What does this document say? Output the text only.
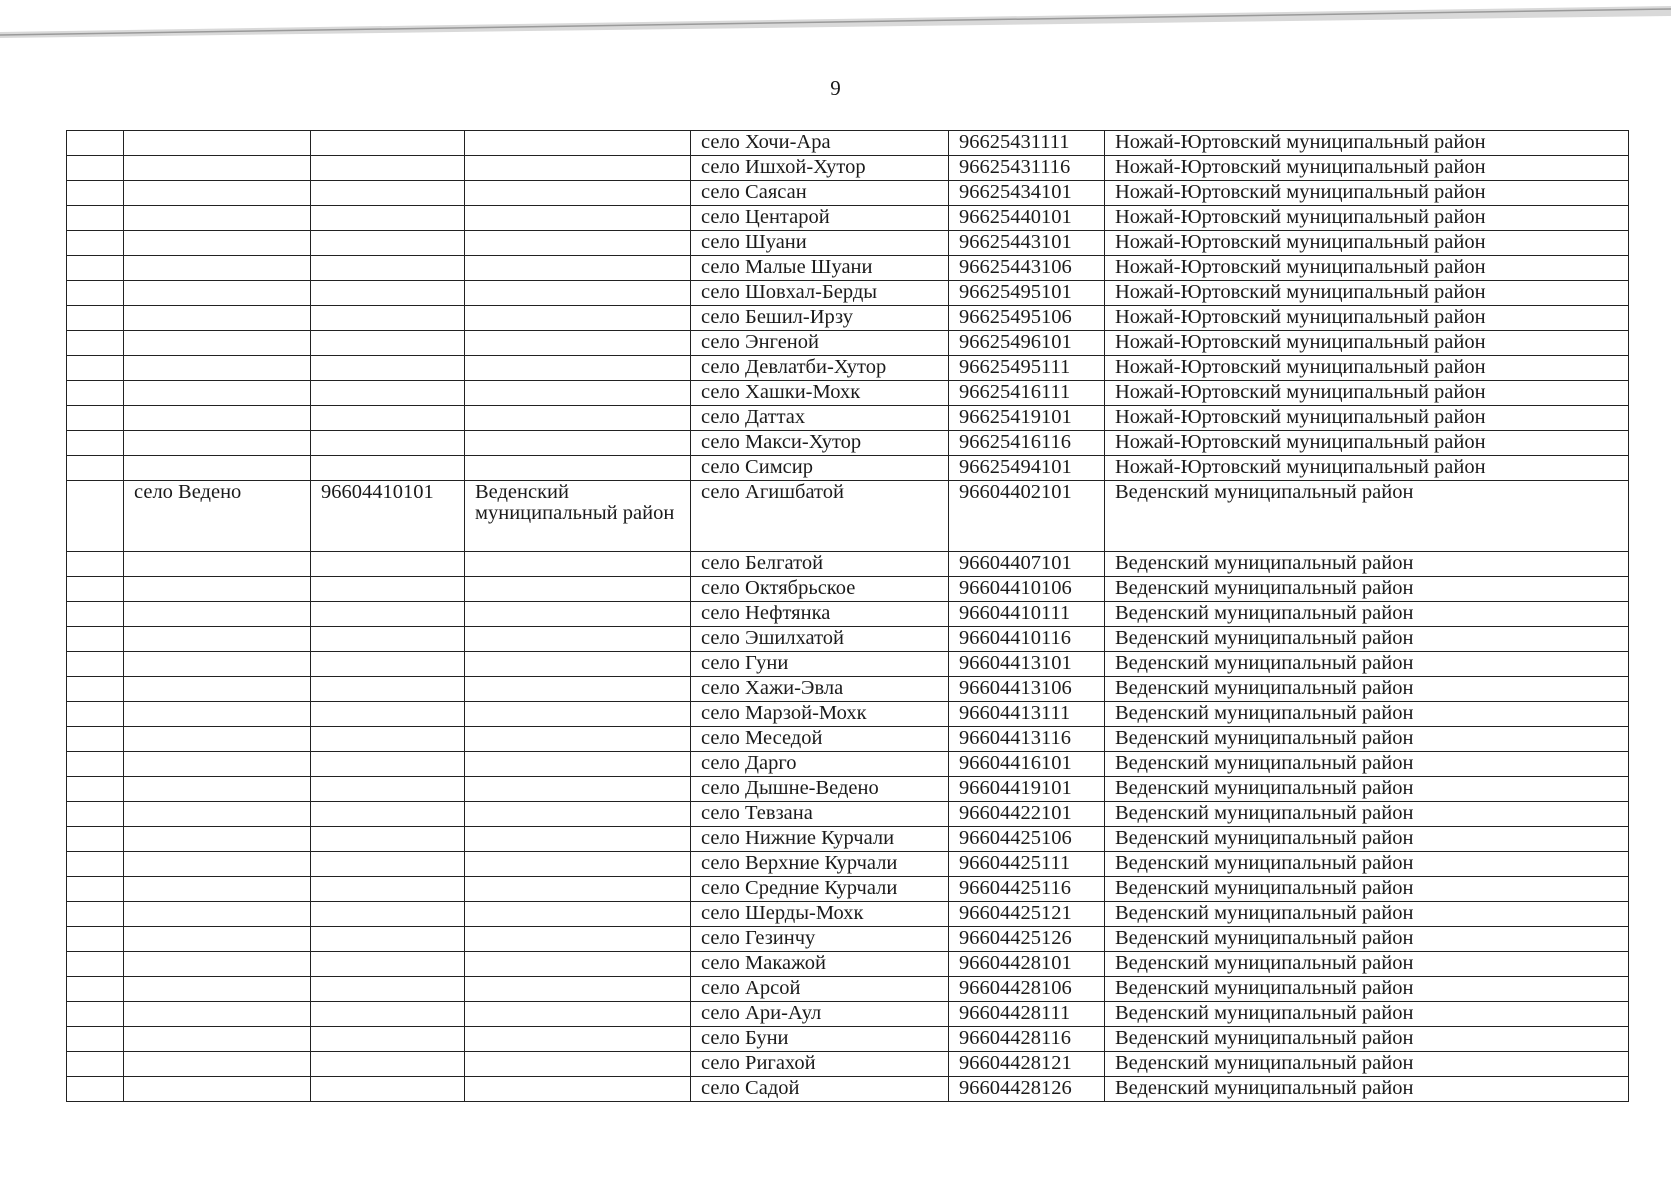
9
				село Хочи-Ара	96625431111	Ножай-Юртовский муниципальный район
				село Ишхой-Хутор	96625431116	Ножай-Юртовский муниципальный район
				село Саясан	96625434101	Ножай-Юртовский муниципальный район
				село Центарой	96625440101	Ножай-Юртовский муниципальный район
				село Шуани	96625443101	Ножай-Юртовский муниципальный район
				село Малые Шуани	96625443106	Ножай-Юртовский муниципальный район
				село Шовхал-Берды	96625495101	Ножай-Юртовский муниципальный район
				село Бешил-Ирзу	96625495106	Ножай-Юртовский муниципальный район
				село Энгеной	96625496101	Ножай-Юртовский муниципальный район
				село Девлатби-Хутор	96625495111	Ножай-Юртовский муниципальный район
				село Хашки-Мохк	96625416111	Ножай-Юртовский муниципальный район
				село Даттах	96625419101	Ножай-Юртовский муниципальный район
				село Макси-Хутор	96625416116	Ножай-Юртовский муниципальный район
				село Симсир	96625494101	Ножай-Юртовский муниципальный район
	село Ведено	96604410101	Веденский муниципальный район	село Агишбатой	96604402101	Веденский муниципальный район
				село Белгатой	96604407101	Веденский муниципальный район
				село Октябрьское	96604410106	Веденский муниципальный район
				село Нефтянка	96604410111	Веденский муниципальный район
				село Эшилхатой	96604410116	Веденский муниципальный район
				село Гуни	96604413101	Веденский муниципальный район
				село Хажи-Эвла	96604413106	Веденский муниципальный район
				село Марзой-Мохк	96604413111	Веденский муниципальный район
				село Меседой	96604413116	Веденский муниципальный район
				село Дарго	96604416101	Веденский муниципальный район
				село Дышне-Ведено	96604419101	Веденский муниципальный район
				село Тевзана	96604422101	Веденский муниципальный район
				село Нижние Курчали	96604425106	Веденский муниципальный район
				село Верхние Курчали	96604425111	Веденский муниципальный район
				село Средние Курчали	96604425116	Веденский муниципальный район
				село Шерды-Мохк	96604425121	Веденский муниципальный район
				село Гезинчу	96604425126	Веденский муниципальный район
				село Макажой	96604428101	Веденский муниципальный район
				село Арсой	96604428106	Веденский муниципальный район
				село Ари-Аул	96604428111	Веденский муниципальный район
				село Буни	96604428116	Веденский муниципальный район
				село Ригахой	96604428121	Веденский муниципальный район
				село Садой	96604428126	Веденский муниципальный район
